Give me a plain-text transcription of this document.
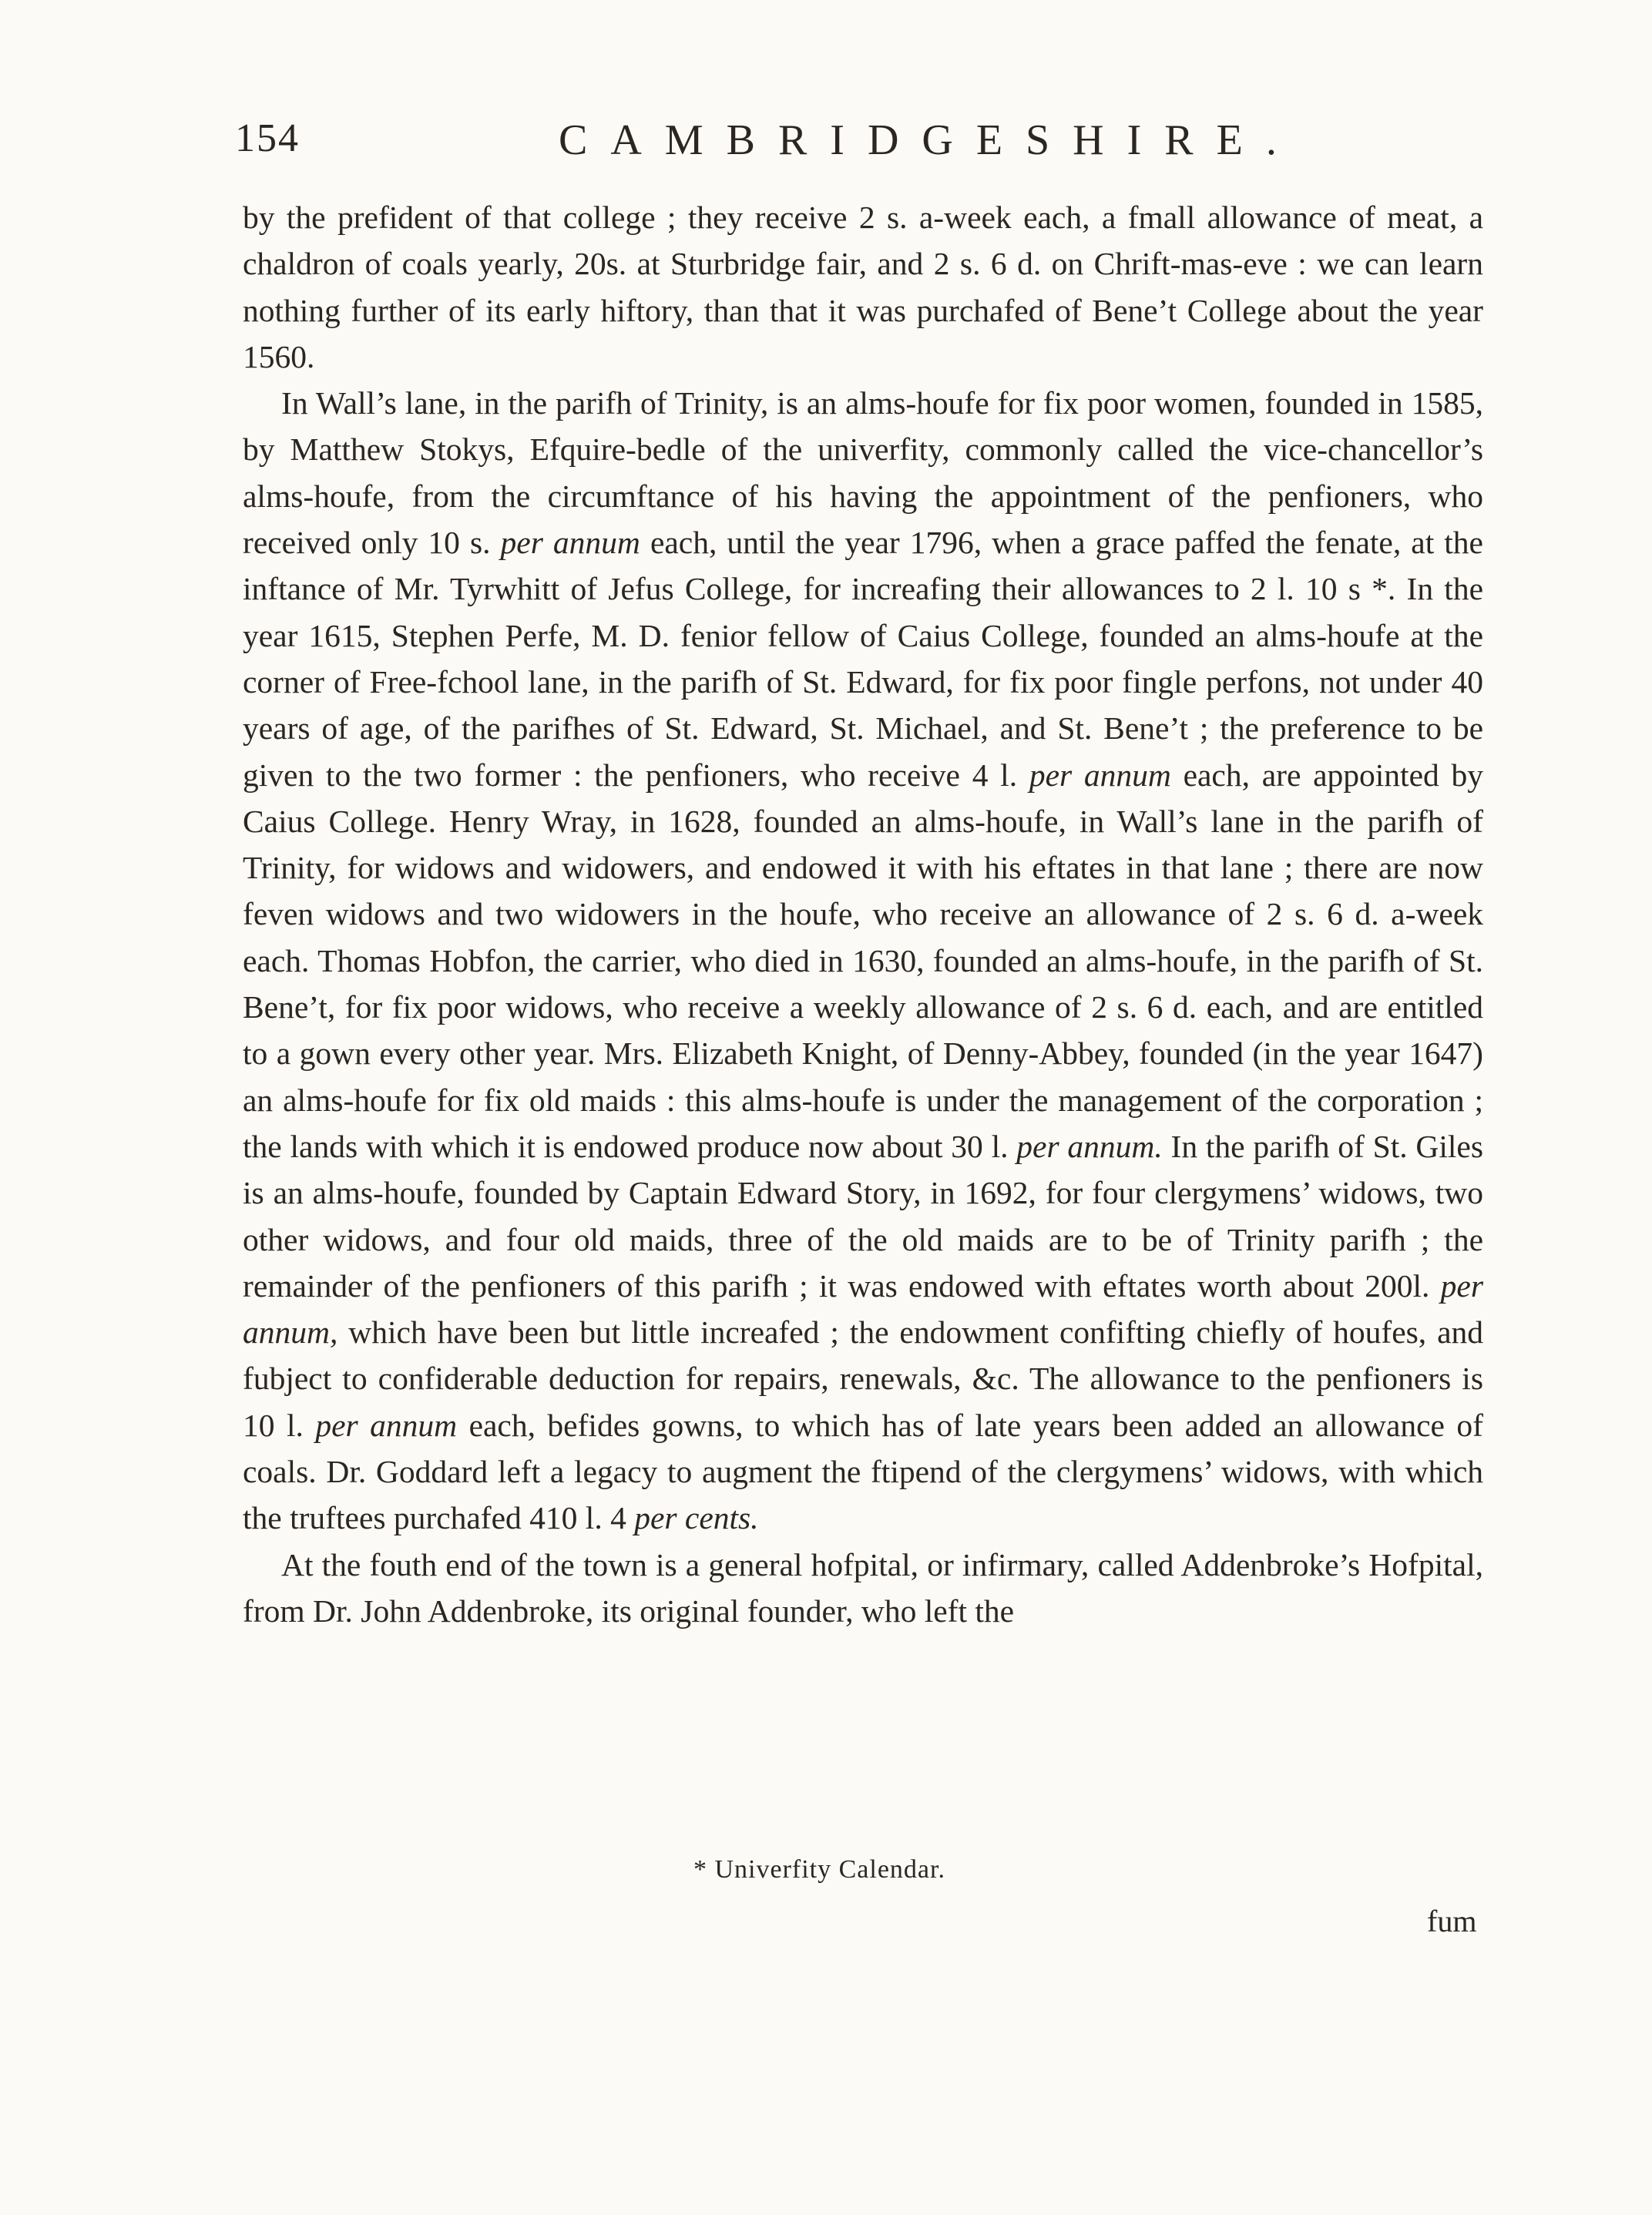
154	CAMBRIDGESHIRE.

by the prefident of that college ; they receive 2 s. a-week each, a fmall allowance of meat, a chaldron of coals yearly, 20s. at Sturbridge fair, and 2 s. 6 d. on Chrift-mas-eve : we can learn nothing further of its early hiftory, than that it was purchafed of Bene’t College about the year 1560.

In Wall’s lane, in the parifh of Trinity, is an alms-houfe for fix poor women, founded in 1585, by Matthew Stokys, Efquire-bedle of the univerfity, commonly called the vice-chancellor’s alms-houfe, from the circumftance of his having the appointment of the penfioners, who received only 10 s. per annum each, until the year 1796, when a grace paffed the fenate, at the inftance of Mr. Tyrwhitt of Jefus College, for increafing their allowances to 2 l. 10 s *. In the year 1615, Stephen Perfe, M. D. fenior fellow of Caius College, founded an alms-houfe at the corner of Free-fchool lane, in the parifh of St. Edward, for fix poor fingle perfons, not under 40 years of age, of the parifhes of St. Edward, St. Michael, and St. Bene’t ; the preference to be given to the two former : the penfioners, who receive 4 l. per annum each, are appointed by Caius College. Henry Wray, in 1628, founded an alms-houfe, in Wall’s lane in the parifh of Trinity, for widows and widowers, and endowed it with his eftates in that lane ; there are now feven widows and two widowers in the houfe, who receive an allowance of 2 s. 6 d. a-week each. Thomas Hobfon, the carrier, who died in 1630, founded an alms-houfe, in the parifh of St. Bene’t, for fix poor widows, who receive a weekly allowance of 2 s. 6 d. each, and are entitled to a gown every other year. Mrs. Elizabeth Knight, of Denny-Abbey, founded (in the year 1647) an alms-houfe for fix old maids : this alms-houfe is under the management of the corporation ; the lands with which it is endowed produce now about 30 l. per annum. In the parifh of St. Giles is an alms-houfe, founded by Captain Edward Story, in 1692, for four clergymens’ widows, two other widows, and four old maids, three of the old maids are to be of Trinity parifh ; the remainder of the penfioners of this parifh ; it was endowed with eftates worth about 200l. per annum, which have been but little increafed ; the endowment confifting chiefly of houfes, and fubject to confiderable deduction for repairs, renewals, &c. The allowance to the penfioners is 10 l. per annum each, befides gowns, to which has of late years been added an allowance of coals. Dr. Goddard left a legacy to augment the ftipend of the clergymens’ widows, with which the truftees purchafed 410 l. 4 per cents.

At the fouth end of the town is a general hofpital, or infirmary, called Addenbroke’s Hofpital, from Dr. John Addenbroke, its original founder, who left the

* Univerfity Calendar.
fum
